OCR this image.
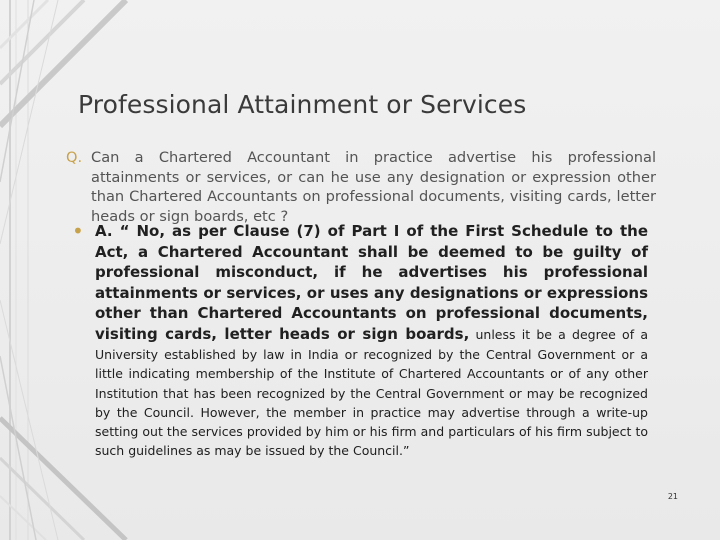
Professional Attainment or Services
Q. Can a Chartered Accountant in practice advertise his professional attainments or services, or can he use any designation or expression other than Chartered Accountants on professional documents, visiting cards, letter heads or sign boards, etc ?
• A. “ No, as per Clause (7) of Part I of the First Schedule to the Act, a Chartered Accountant shall be deemed to be guilty of professional misconduct, if he advertises his professional attainments or services, or uses any designations or expressions other than Chartered Accountants on professional documents, visiting cards, letter heads or sign boards, unless it be a degree of a University established by law in India or recognized by the Central Government or a little indicating membership of the Institute of Chartered Accountants or of any other Institution that has been recognized by the Central Government or may be recognized by the Council. However, the member in practice may advertise through a write-up setting out the services provided by him or his firm and particulars of his firm subject to such guidelines as may be issued by the Council.”
21
